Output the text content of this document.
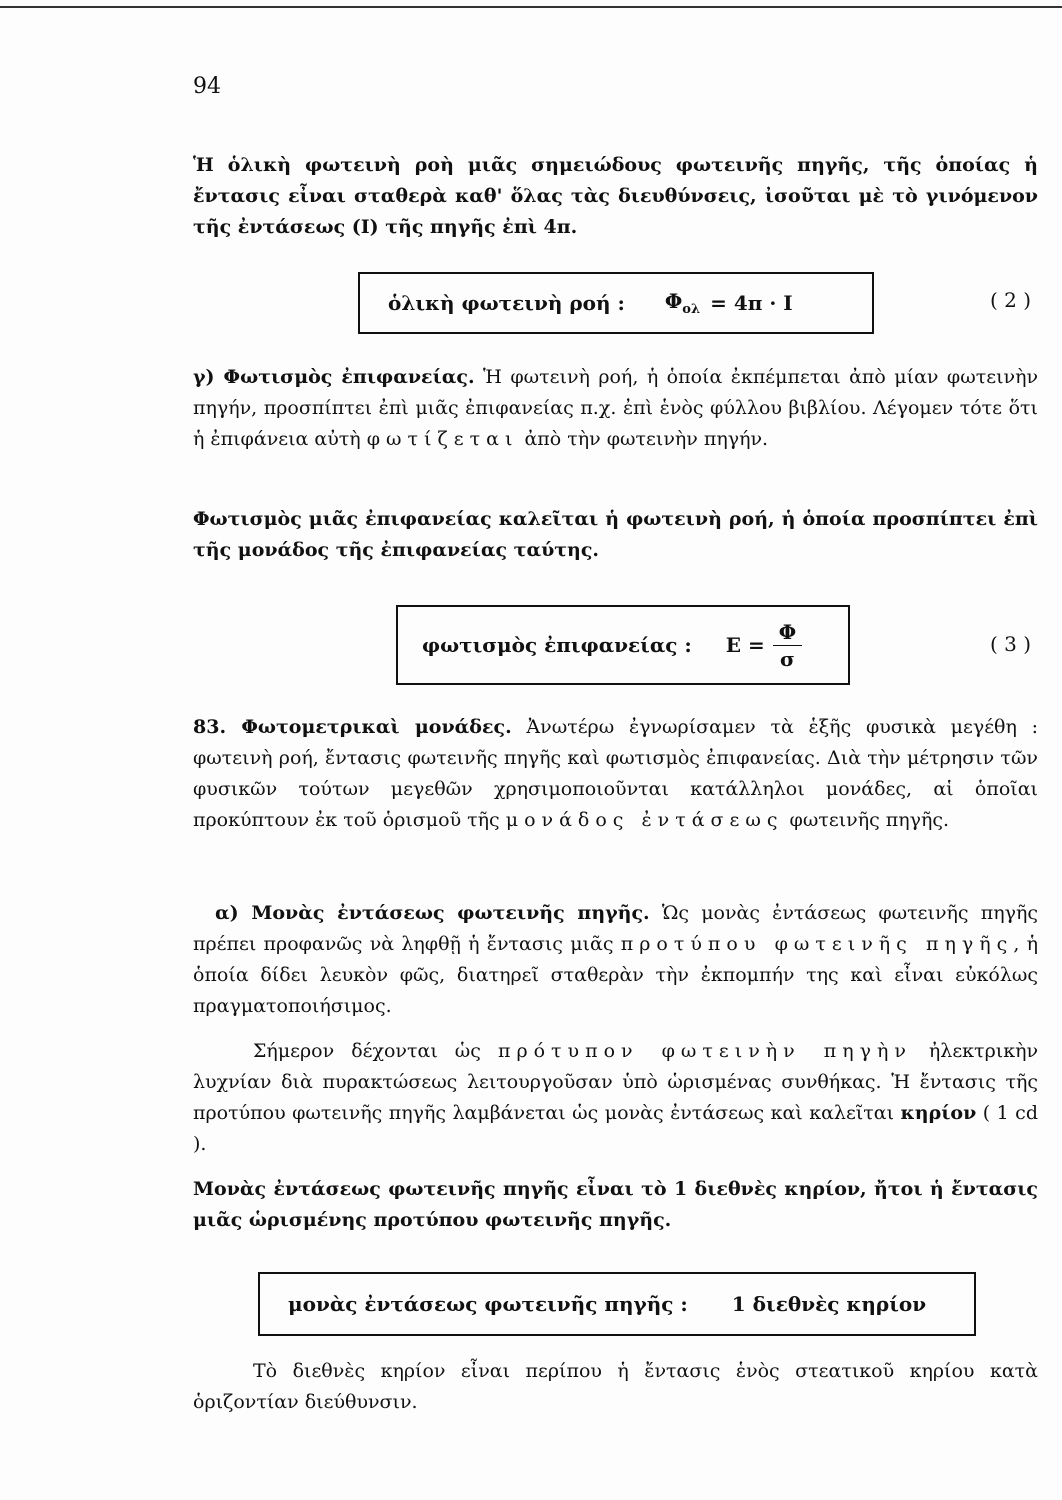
94
Ἡ ὁλικὴ φωτεινὴ ροὴ μιᾶς σημειώδους φωτεινῆς πηγῆς, τῆς ὁποίας ἡ ἔντασις εἶναι σταθερὰ καθ' ὅλας τὰς διευθύνσεις, ἰσοῦται μὲ τὸ γινόμενον τῆς ἐντάσεως (Ι) τῆς πηγῆς ἐπὶ 4π.
ὁλικὴ φωτεινὴ ροή : $\Phi_{o\lambda} = 4\pi \cdot I$	( 2 )
γ) Φωτισμὸς ἐπιφανείας. Ἡ φωτεινὴ ροή, ἡ ὁποία ἐκπέμπεται ἀπὸ μίαν φωτεινὴν πηγήν, προσπίπτει ἐπὶ μιᾶς ἐπιφανείας π.χ. ἐπὶ ἑνὸς φύλλου βιβλίου. Λέγομεν τότε ὅτι ἡ ἐπιφάνεια αὐτὴ φωτίζεται ἀπὸ τὴν φωτεινὴν πηγήν.
Φωτισμὸς μιᾶς ἐπιφανείας καλεῖται ἡ φωτεινὴ ροή, ἡ ὁποία προσπίπτει ἐπὶ τῆς μονάδος τῆς ἐπιφανείας ταύτης.
φωτισμὸς ἐπιφανείας : $E = \frac{\Phi}{\sigma}$	( 3 )
83. Φωτομετρικαὶ μονάδες. Ἀνωτέρω ἐγνωρίσαμεν τὰ ἑξῆς φυσικὰ μεγέθη : φωτεινὴ ροή, ἔντασις φωτεινῆς πηγῆς καὶ φωτισμὸς ἐπιφανείας. Διὰ τὴν μέτρησιν τῶν φυσικῶν τούτων μεγεθῶν χρησιμοποιοῦνται κατάλληλοι μονάδες, αἱ ὁποῖαι προκύπτουν ἐκ τοῦ ὁρισμοῦ τῆς μονάδος ἐντάσεως φωτεινῆς πηγῆς.
α) Μονὰς ἐντάσεως φωτεινῆς πηγῆς. Ὡς μονὰς ἐντάσεως φωτεινῆς πηγῆς πρέπει προφανῶς νὰ ληφθῇ ἡ ἔντασις μιᾶς προτύπου φωτεινῆς πηγῆς, ἡ ὁποία δίδει λευκὸν φῶς, διατηρεῖ σταθερὰν τὴν ἐκπομπήν της καὶ εἶναι εὐκόλως πραγματοποιήσιμος.
Σήμερον δέχονται ὡς πρότυπον φωτεινὴν πηγὴν ἠλεκτρικὴν λυχνίαν διὰ πυρακτώσεως λειτουργοῦσαν ὑπὸ ὡρισμένας συνθήκας. Ἡ ἔντασις τῆς προτύπου φωτεινῆς πηγῆς λαμβάνεται ὡς μονὰς ἐντάσεως καὶ καλεῖται κηρίον ( 1 cd ).
Μονὰς ἐντάσεως φωτεινῆς πηγῆς εἶναι τὸ 1 διεθνὲς κηρίον, ἤτοι ἡ ἔντασις μιᾶς ὡρισμένης προτύπου φωτεινῆς πηγῆς.
μονὰς ἐντάσεως φωτεινῆς πηγῆς : 1 διεθνὲς κηρίον
Τὸ διεθνὲς κηρίον εἶναι περίπου ἡ ἔντασις ἑνὸς στεατικοῦ κηρίου κατὰ ὁριζοντίαν διεύθυνσιν.
